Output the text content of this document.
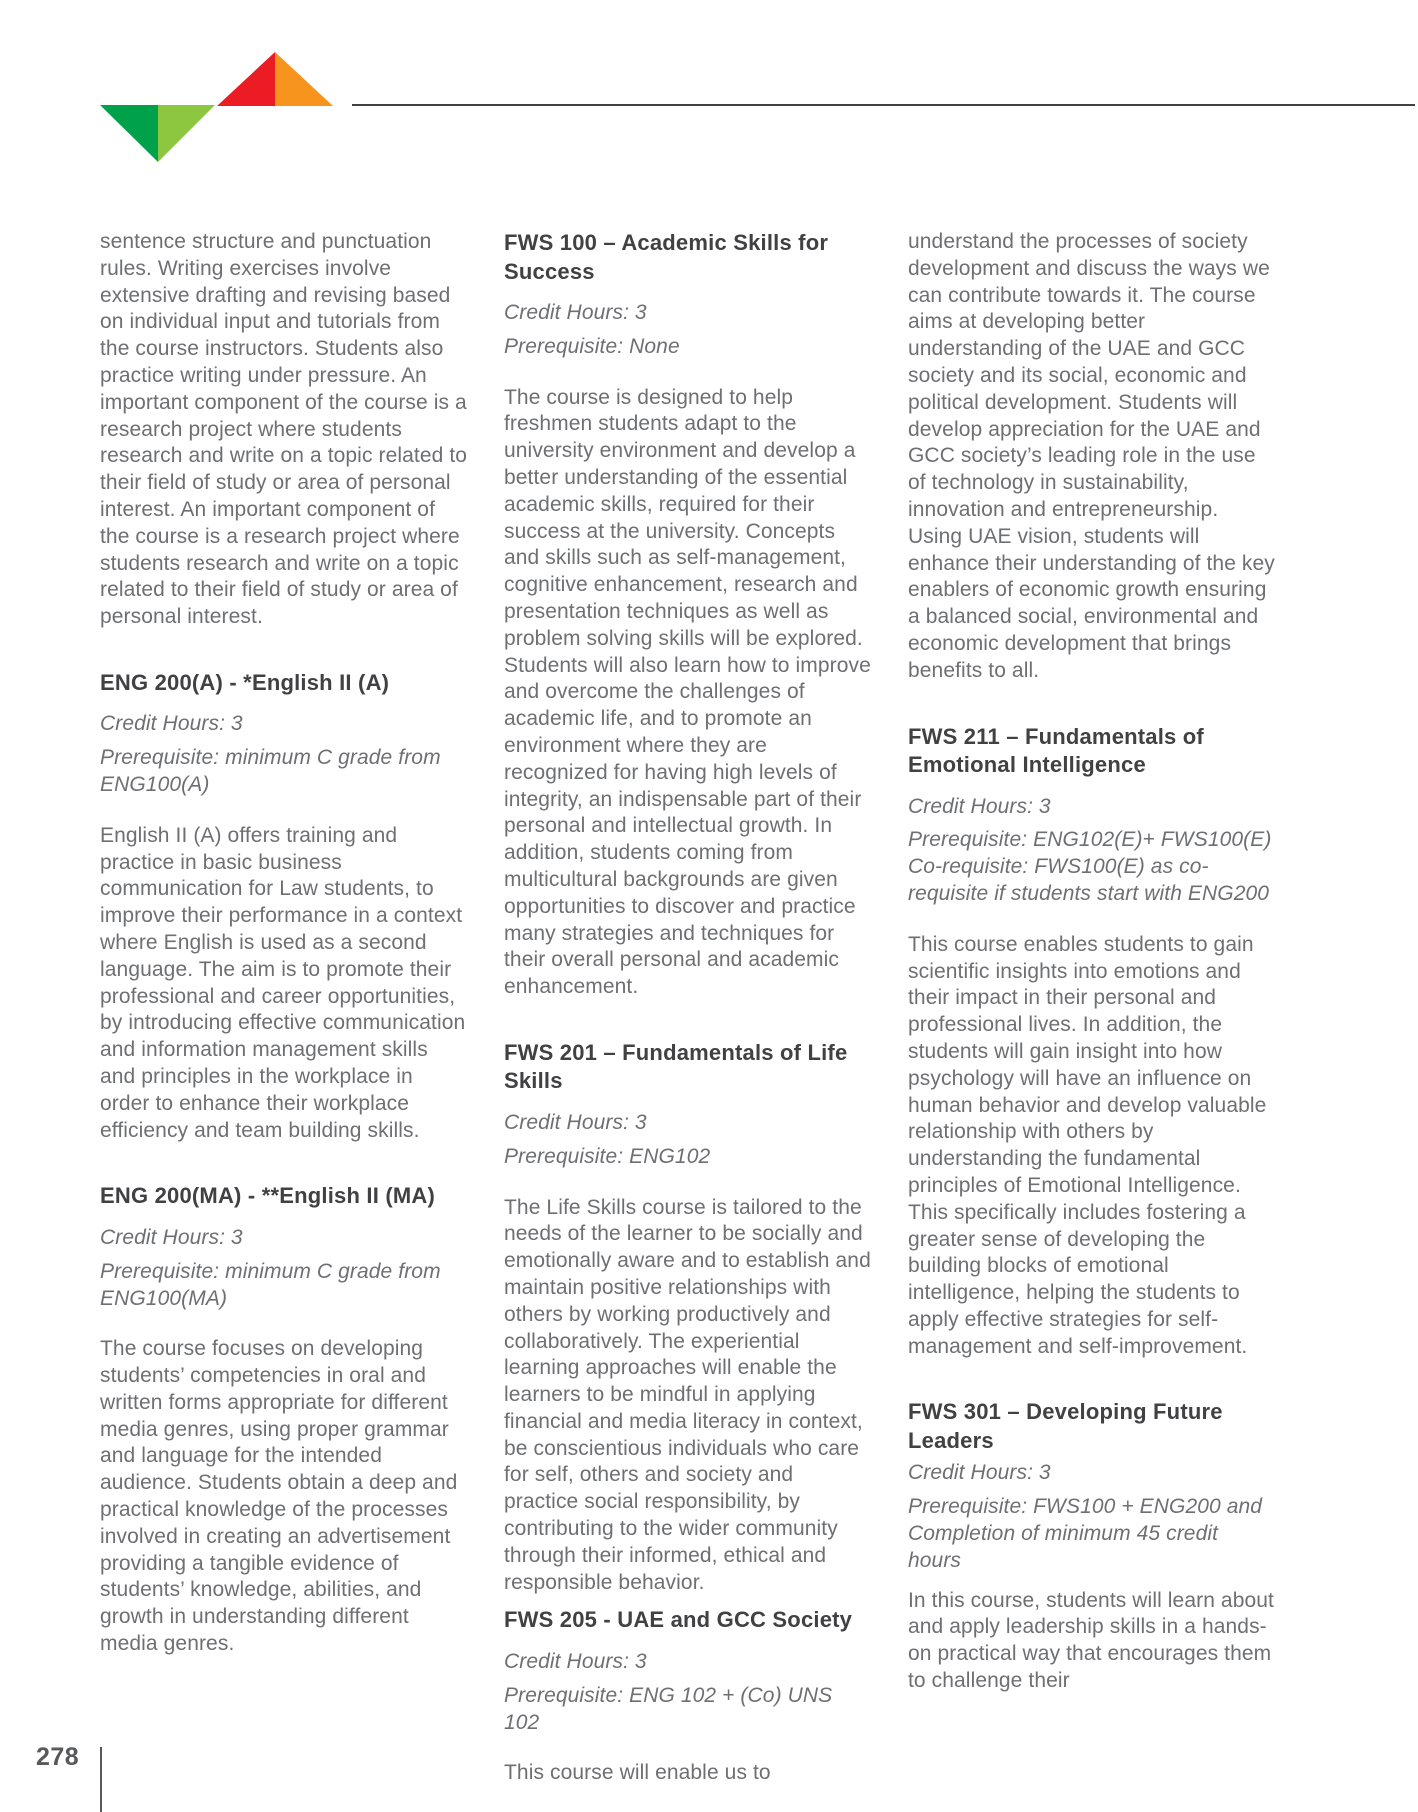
sentence structure and punctuation rules. Writing exercises involve extensive drafting and revising based on individual input and tutorials from the course instructors. Students also practice writing under pressure. An important component of the course is a research project where students research and write on a topic related to their field of study or area of personal interest. An important component of the course is a research project where students research and write on a topic related to their field of study or area of personal interest.

ENG 200(A) - *English II (A)

Credit Hours: 3

Prerequisite: minimum C grade from ENG100(A)

English II (A) offers training and practice in basic business communication for Law students, to improve their performance in a context where English is used as a second language. The aim is to promote their professional and career opportunities, by introducing effective communication and information management skills and principles in the workplace in order to enhance their workplace efficiency and team building skills.

ENG 200(MA) - **English II (MA)

Credit Hours: 3

Prerequisite: minimum C grade from ENG100(MA)

The course focuses on developing students’ competencies in oral and written forms appropriate for different media genres, using proper grammar and language for the intended audience. Students obtain a deep and practical knowledge of the processes involved in creating an advertisement providing a tangible evidence of students’ knowledge, abilities, and growth in understanding different media genres.

FWS 100 – Academic Skills for Success

Credit Hours: 3

Prerequisite: None

The course is designed to help freshmen students adapt to the university environment and develop a better understanding of the essential academic skills, required for their success at the university. Concepts and skills such as self-management, cognitive enhancement, research and presentation techniques as well as problem solving skills will be explored. Students will also learn how to improve and overcome the challenges of academic life, and to promote an environment where they are recognized for having high levels of integrity, an indispensable part of their personal and intellectual growth. In addition, students coming from multicultural backgrounds are given opportunities to discover and practice many strategies and techniques for their overall personal and academic enhancement.

FWS 201 – Fundamentals of Life Skills

Credit Hours: 3

Prerequisite: ENG102

The Life Skills course is tailored to the needs of the learner to be socially and emotionally aware and to establish and maintain positive relationships with others by working productively and collaboratively. The experiential learning approaches will enable the learners to be mindful in applying financial and media literacy in context, be conscientious individuals who care for self, others and society and practice social responsibility, by contributing to the wider community through their informed, ethical and responsible behavior.

FWS 205 - UAE and GCC Society

Credit Hours: 3

Prerequisite: ENG 102 + (Co) UNS 102

This course will enable us to

understand the processes of society development and discuss the ways we can contribute towards it. The course aims at developing better understanding of the UAE and GCC society and its social, economic and political development. Students will develop appreciation for the UAE and GCC society’s leading role in the use of technology in sustainability, innovation and entrepreneurship. Using UAE vision, students will enhance their understanding of the key enablers of economic growth ensuring a balanced social, environmental and economic development that brings benefits to all.

FWS 211 – Fundamentals of Emotional Intelligence

Credit Hours: 3

Prerequisite: ENG102(E)+ FWS100(E) Co-requisite: FWS100(E) as co-requisite if students start with ENG200

This course enables students to gain scientific insights into emotions and their impact in their personal and professional lives. In addition, the students will gain insight into how psychology will have an influence on human behavior and develop valuable relationship with others by understanding the fundamental principles of Emotional Intelligence. This specifically includes fostering a greater sense of developing the building blocks of emotional intelligence, helping the students to apply effective strategies for self-management and self-improvement.

FWS 301 – Developing Future Leaders

Credit Hours: 3

Prerequisite: FWS100 + ENG200 and Completion of minimum 45 credit hours

In this course, students will learn about and apply leadership skills in a hands-on practical way that encourages them to challenge their

278
